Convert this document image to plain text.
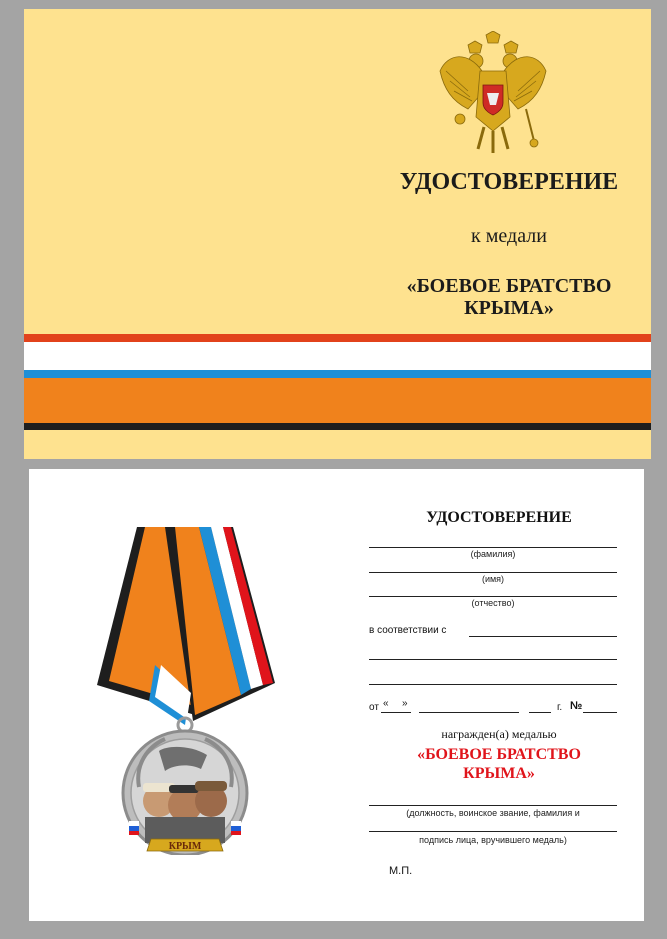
УДОСТОВЕРЕНИЕ
к медали
«БОЕВОЕ БРАТСТВО
КРЫМА»
КРЫМ
УДОСТОВЕРЕНИЕ
(фамилия)
(имя)
(отчество)
в соответствии с
от « »	г. №
награжден(а) медалью
«БОЕВОЕ БРАТСТВО
КРЫМА»
(должность, воинское звание, фамилия и
подпись лица, вручившего медаль)
М.П.
